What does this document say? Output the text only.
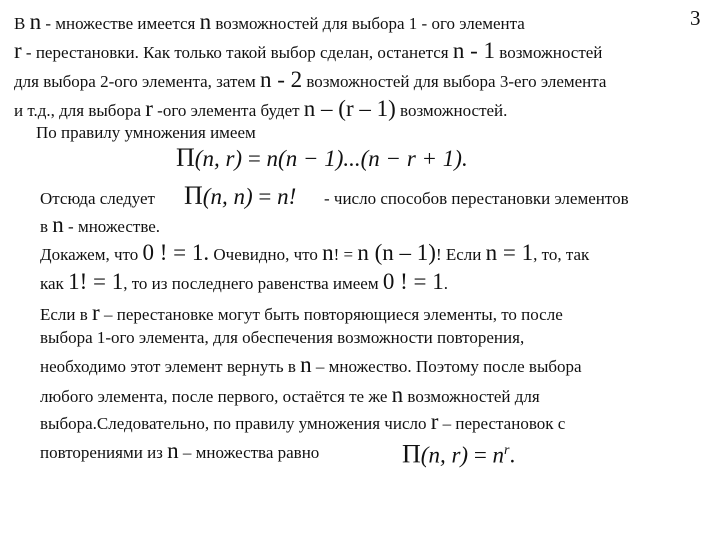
3
В n - множестве имеется n возможностей для выбора 1 - ого элемента
r - перестановки. Как только такой выбор сделан, останется n - 1 возможностей
для выбора 2-ого элемента, затем n - 2 возможностей для выбора 3-его элемента
и т.д., для выбора r -ого элемента будет n – (r – 1) возможностей.
По правилу умножения имеем
Π(n, r) = n(n − 1)...(n − r + 1).
Отсюда следует Π(n, n) = n! - число способов перестановки элементов
в n - множестве.
Докажем, что 0 ! = 1. Очевидно, что n! = n (n – 1)! Если n = 1, то, так
как 1! = 1, то из последнего равенства имеем 0 ! = 1.
Если в r – перестановке могут быть повторяющиеся элементы, то после
выбора 1-ого элемента, для обеспечения возможности повторения,
необходимо этот элемент вернуть в n – множество. Поэтому после выбора
любого элемента, после первого, остаётся те же n возможностей для
выбора.Следовательно, по правилу умножения число r – перестановок с
повторениями из n – множества равно	Π(n, $r) = n^r$.
